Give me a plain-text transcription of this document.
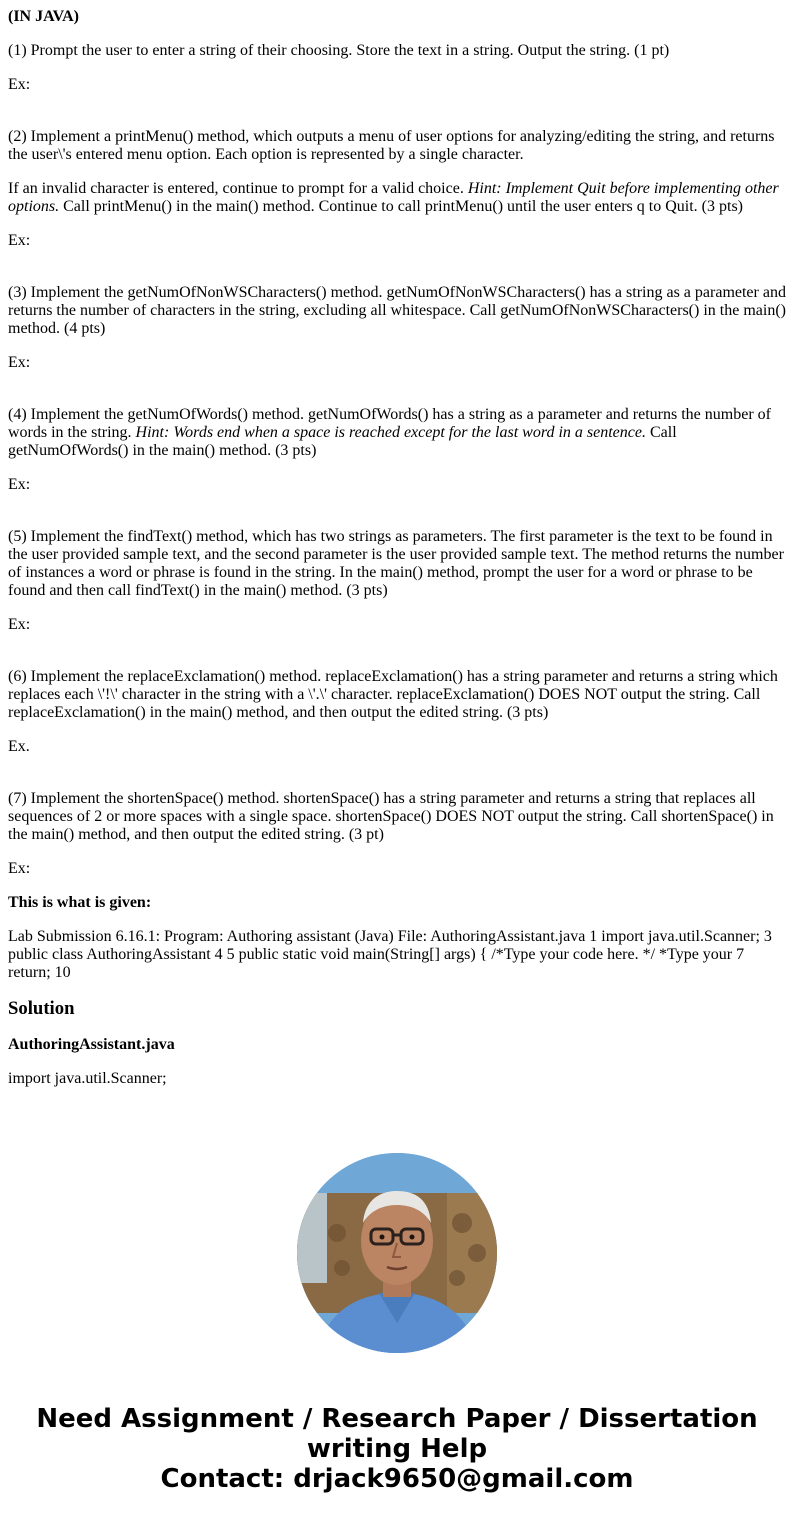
(IN JAVA)

(1) Prompt the user to enter a string of their choosing. Store the text in a string. Output the string. (1 pt)

Ex:

(2) Implement a printMenu() method, which outputs a menu of user options for analyzing/editing the string, and returns the user\'s entered menu option. Each option is represented by a single character.

If an invalid character is entered, continue to prompt for a valid choice. Hint: Implement Quit before implementing other options. Call printMenu() in the main() method. Continue to call printMenu() until the user enters q to Quit. (3 pts)

Ex:

(3) Implement the getNumOfNonWSCharacters() method. getNumOfNonWSCharacters() has a string as a parameter and returns the number of characters in the string, excluding all whitespace. Call getNumOfNonWSCharacters() in the main() method. (4 pts)

Ex:

(4) Implement the getNumOfWords() method. getNumOfWords() has a string as a parameter and returns the number of words in the string. Hint: Words end when a space is reached except for the last word in a sentence. Call getNumOfWords() in the main() method. (3 pts)

Ex:

(5) Implement the findText() method, which has two strings as parameters. The first parameter is the text to be found in the user provided sample text, and the second parameter is the user provided sample text. The method returns the number of instances a word or phrase is found in the string. In the main() method, prompt the user for a word or phrase to be found and then call findText() in the main() method. (3 pts)

Ex:

(6) Implement the replaceExclamation() method. replaceExclamation() has a string parameter and returns a string which replaces each \'!\' character in the string with a \'.\' character. replaceExclamation() DOES NOT output the string. Call replaceExclamation() in the main() method, and then output the edited string. (3 pts)

Ex.

(7) Implement the shortenSpace() method. shortenSpace() has a string parameter and returns a string that replaces all sequences of 2 or more spaces with a single space. shortenSpace() DOES NOT output the string. Call shortenSpace() in the main() method, and then output the edited string. (3 pt)

Ex:

This is what is given:

Lab Submission 6.16.1: Program: Authoring assistant (Java) File: AuthoringAssistant.java 1 import java.util.Scanner; 3 public class AuthoringAssistant 4 5 public static void main(String[] args) { /*Type your code here. */ *Type your 7 return; 10

Solution

AuthoringAssistant.java

import java.util.Scanner;

Need Assignment / Research Paper / Dissertation
writing Help
Contact: drjack9650@gmail.com
